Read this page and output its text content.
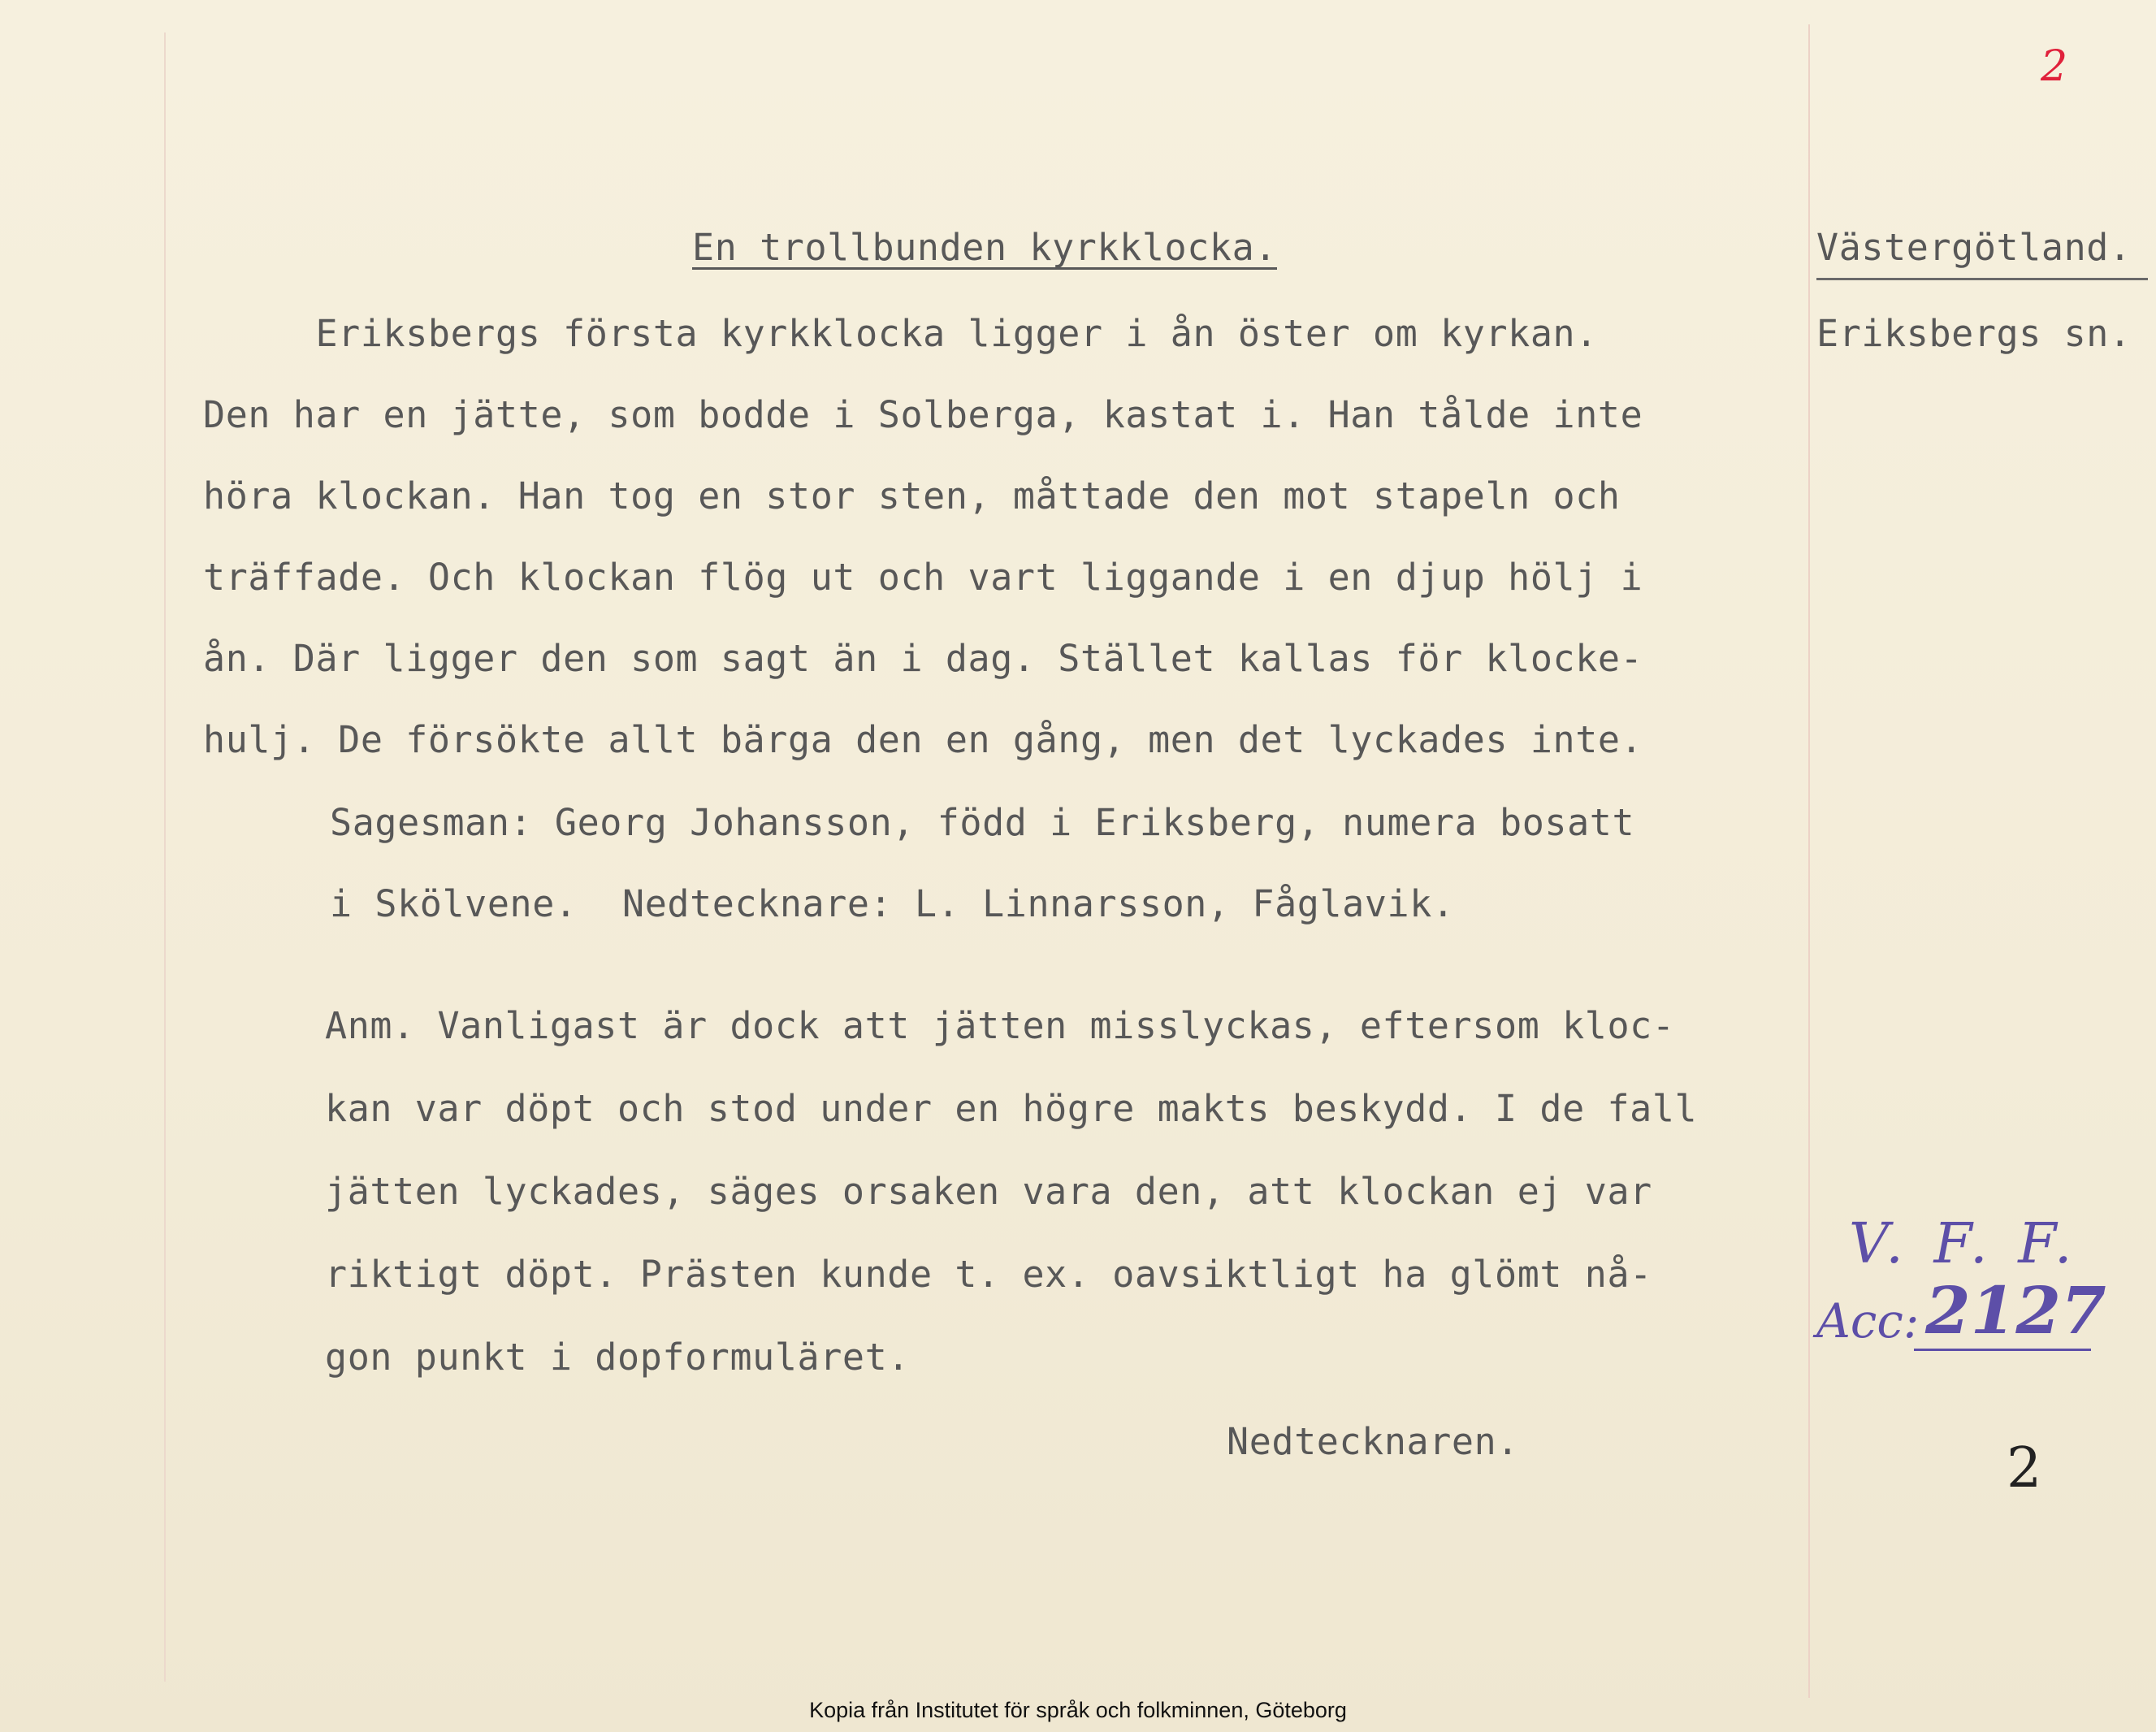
2
En trollbunden kyrkklocka.	Västergötland.
Eriksbergs sn.
Eriksbergs första kyrkklocka ligger i ån öster om kyrkan.
Den har en jätte, som bodde i Solberga, kastat i. Han tålde inte
höra klockan. Han tog en stor sten, måttade den mot stapeln och
träffade. Och klockan flög ut och vart liggande i en djup hölj i
ån. Där ligger den som sagt än i dag. Stället kallas för klocke-
hulj. De försökte allt bärga den en gång, men det lyckades inte.
Sagesman: Georg Johansson, född i Eriksberg, numera bosatt
i Skölvene.  Nedtecknare: L. Linnarsson, Fåglavik.
Anm. Vanligast är dock att jätten misslyckas, eftersom kloc-
kan var döpt och stod under en högre makts beskydd. I de fall
jätten lyckades, säges orsaken vara den, att klockan ej var
riktigt döpt. Prästen kunde t. ex. oavsiktligt ha glömt nå-
gon punkt i dopformuläret.
Nedtecknaren.
V. F. F.
Acc: 2127
2
Kopia från Institutet för språk och folkminnen, Göteborg
